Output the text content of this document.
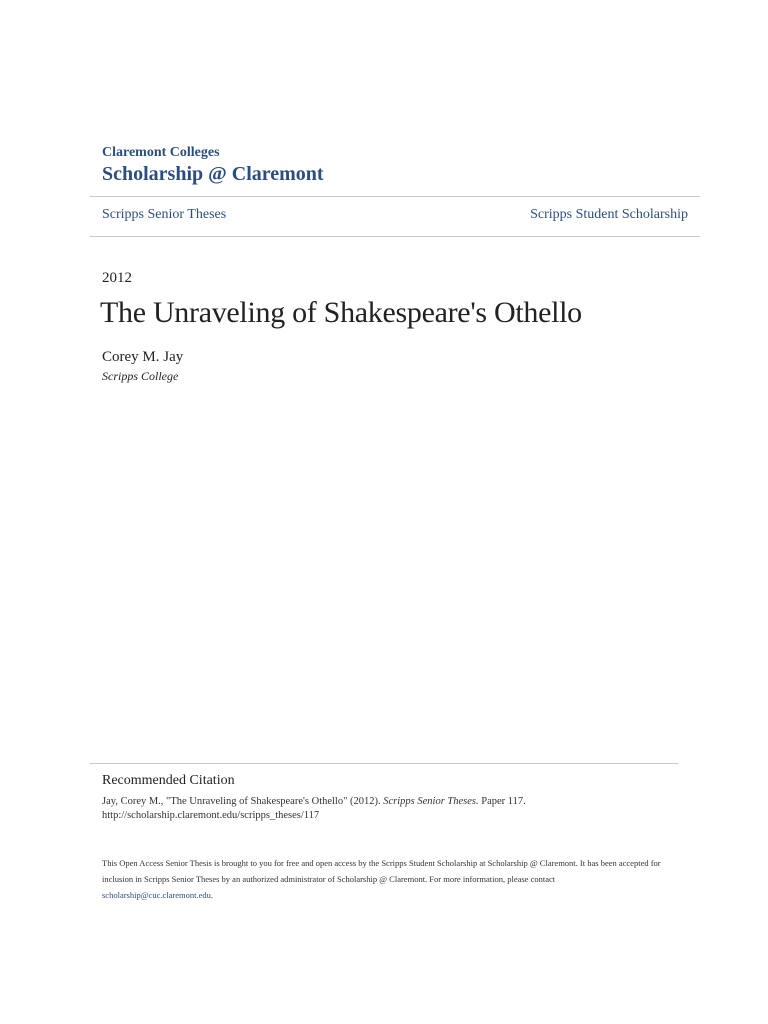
Claremont Colleges
Scholarship @ Claremont
Scripps Senior Theses	Scripps Student Scholarship
2012
The Unraveling of Shakespeare's Othello
Corey M. Jay
Scripps College
Recommended Citation
Jay, Corey M., "The Unraveling of Shakespeare's Othello" (2012). Scripps Senior Theses. Paper 117.
http://scholarship.claremont.edu/scripps_theses/117
This Open Access Senior Thesis is brought to you for free and open access by the Scripps Student Scholarship at Scholarship @ Claremont. It has been accepted for inclusion in Scripps Senior Theses by an authorized administrator of Scholarship @ Claremont. For more information, please contact
scholarship@cuc.claremont.edu.
